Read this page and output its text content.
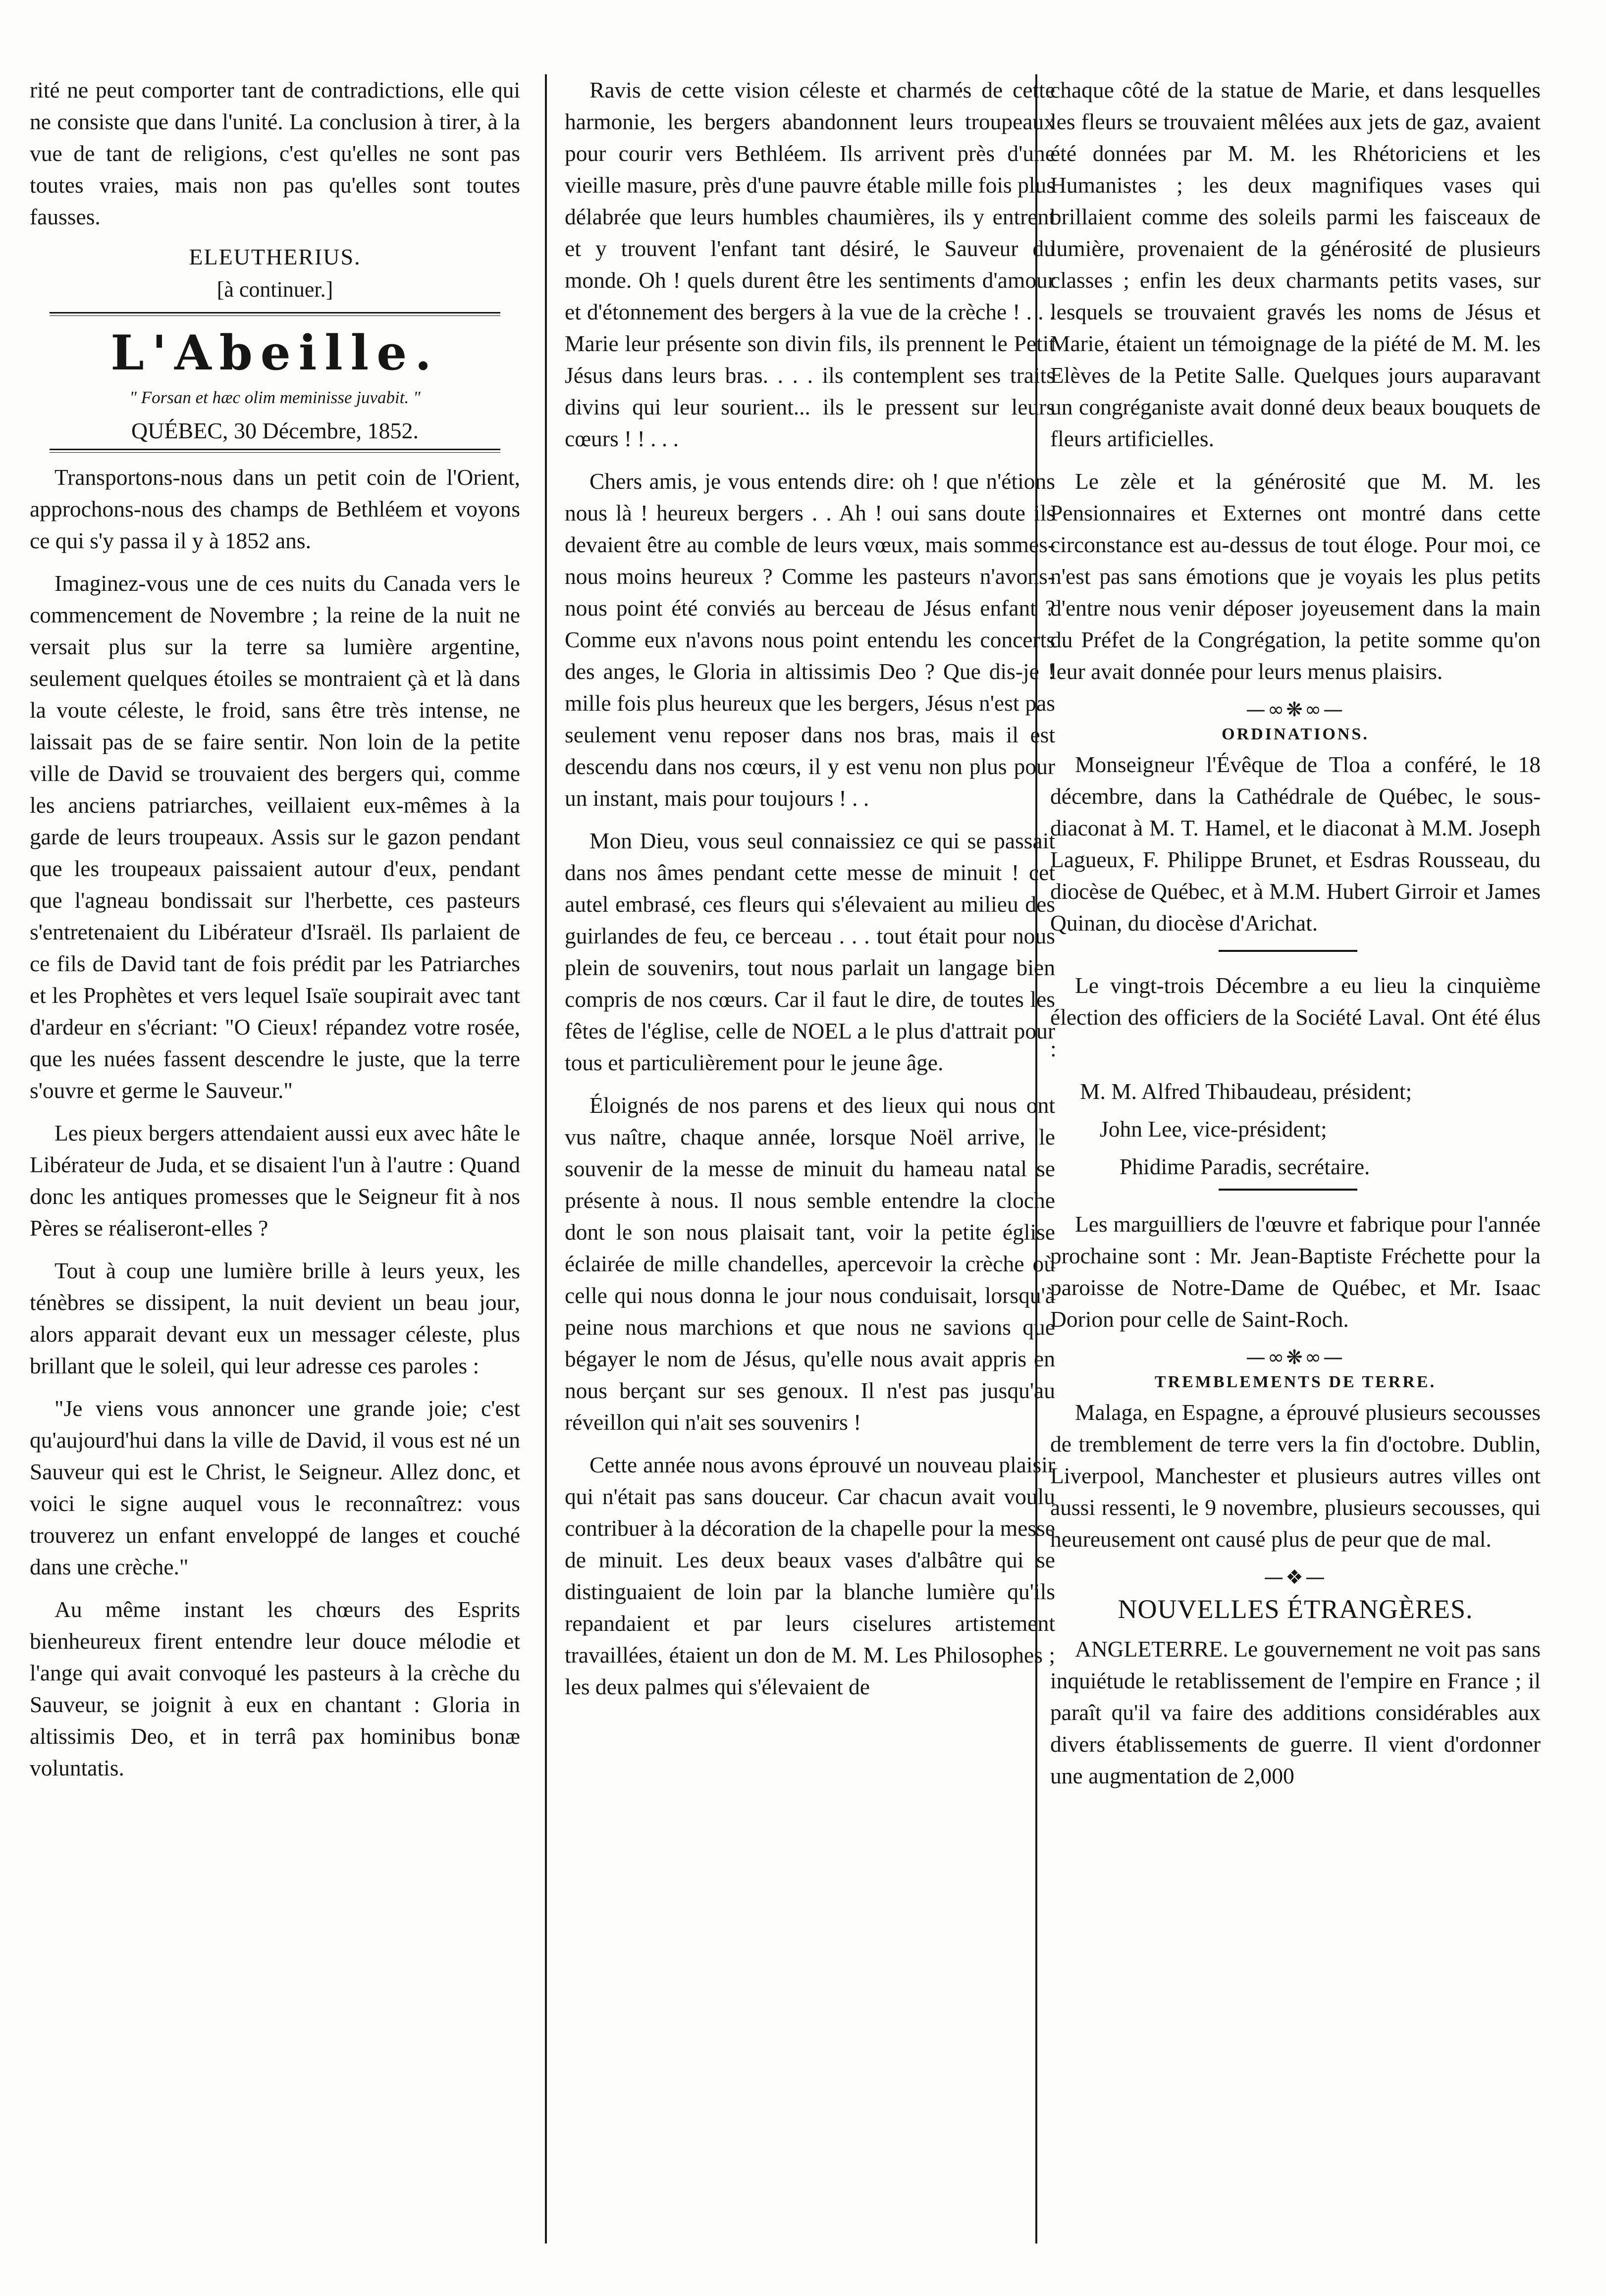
rité ne peut comporter tant de contradictions, elle qui ne consiste que dans l'unité. La conclusion à tirer, à la vue de tant de religions, c'est qu'elles ne sont pas toutes vraies, mais non pas qu'elles sont toutes fausses.

ELEUTHERIUS.
[à continuer.]
L'Abeille.
" Forsan et hæc olim meminisse juvabit. "
QUÉBEC, 30 Décembre, 1852.

Transportons-nous dans un petit coin de l'Orient, approchons-nous des champs de Bethléem et voyons ce qui s'y passa il y à 1852 ans.

Imaginez-vous une de ces nuits du Canada vers le commencement de Novembre ; la reine de la nuit ne versait plus sur la terre sa lumière argentine, seulement quelques étoiles se montraient çà et là dans la voute céleste, le froid, sans être très intense, ne laissait pas de se faire sentir. Non loin de la petite ville de David se trouvaient des bergers qui, comme les anciens patriarches, veillaient eux-mêmes à la garde de leurs troupeaux. Assis sur le gazon pendant que les troupeaux paissaient autour d'eux, pendant que l'agneau bondissait sur l'herbette, ces pasteurs s'entretenaient du Libérateur d'Israël. Ils parlaient de ce fils de David tant de fois prédit par les Patriarches et les Prophètes et vers lequel Isaïe soupirait avec tant d'ardeur en s'écriant: "O Cieux! répandez votre rosée, que les nuées fassent descendre le juste, que la terre s'ouvre et germe le Sauveur."

Les pieux bergers attendaient aussi eux avec hâte le Libérateur de Juda, et se disaient l'un à l'autre : Quand donc les antiques promesses que le Seigneur fit à nos Pères se réaliseront-elles ?

Tout à coup une lumière brille à leurs yeux, les ténèbres se dissipent, la nuit devient un beau jour, alors apparait devant eux un messager céleste, plus brillant que le soleil, qui leur adresse ces paroles :

"Je viens vous annoncer une grande joie; c'est qu'aujourd'hui dans la ville de David, il vous est né un Sauveur qui est le Christ, le Seigneur. Allez donc, et voici le signe auquel vous le reconnaîtrez: vous trouverez un enfant enveloppé de langes et couché dans une crèche."

Au même instant les chœurs des Esprits bienheureux firent entendre leur douce mélodie et l'ange qui avait convoqué les pasteurs à la crèche du Sauveur, se joignit à eux en chantant : Gloria in altissimis Deo, et in terrâ pax hominibus bonæ voluntatis.

Ravis de cette vision céleste et charmés de cette harmonie, les bergers abandonnent leurs troupeaux pour courir vers Bethléem. Ils arrivent près d'une vieille masure, près d'une pauvre étable mille fois plus délabrée que leurs humbles chaumières, ils y entrent et y trouvent l'enfant tant désiré, le Sauveur du monde. Oh ! quels durent être les sentiments d'amour et d'étonnement des bergers à la vue de la crèche ! . . . Marie leur présente son divin fils, ils prennent le Petit Jésus dans leurs bras. . . . ils contemplent ses traits divins qui leur sourient... ils le pressent sur leurs cœurs ! ! . . .

Chers amis, je vous entends dire: oh ! que n'étions nous là ! heureux bergers . . Ah ! oui sans doute ils devaient être au comble de leurs vœux, mais sommes-nous moins heureux ? Comme les pasteurs n'avons-nous point été conviés au berceau de Jésus enfant ? Comme eux n'avons nous point entendu les concerts des anges, le Gloria in altissimis Deo ? Que dis-je ! mille fois plus heureux que les bergers, Jésus n'est pas seulement venu reposer dans nos bras, mais il est descendu dans nos cœurs, il y est venu non plus pour un instant, mais pour toujours ! . .

Mon Dieu, vous seul connaissiez ce qui se passait dans nos âmes pendant cette messe de minuit ! cet autel embrasé, ces fleurs qui s'élevaient au milieu des guirlandes de feu, ce berceau . . . tout était pour nous plein de souvenirs, tout nous parlait un langage bien compris de nos cœurs. Car il faut le dire, de toutes les fêtes de l'église, celle de NOEL a le plus d'attrait pour tous et particulièrement pour le jeune âge.

Éloignés de nos parens et des lieux qui nous ont vus naître, chaque année, lorsque Noël arrive, le souvenir de la messe de minuit du hameau natal se présente à nous. Il nous semble entendre la cloche dont le son nous plaisait tant, voir la petite église éclairée de mille chandelles, apercevoir la crèche où celle qui nous donna le jour nous conduisait, lorsqu'à peine nous marchions et que nous ne savions que bégayer le nom de Jésus, qu'elle nous avait appris en nous berçant sur ses genoux. Il n'est pas jusqu'au réveillon qui n'ait ses souvenirs !

Cette année nous avons éprouvé un nouveau plaisir qui n'était pas sans douceur. Car chacun avait voulu contribuer à la décoration de la chapelle pour la messe de minuit. Les deux beaux vases d'albâtre qui se distinguaient de loin par la blanche lumière qu'ils repandaient et par leurs ciselures artistement travaillées, étaient un don de M. M. Les Philosophes ; les deux palmes qui s'élevaient de

chaque côté de la statue de Marie, et dans lesquelles les fleurs se trouvaient mêlées aux jets de gaz, avaient été données par M. M. les Rhétoriciens et les Humanistes ; les deux magnifiques vases qui brillaient comme des soleils parmi les faisceaux de lumière, provenaient de la générosité de plusieurs classes ; enfin les deux charmants petits vases, sur lesquels se trouvaient gravés les noms de Jésus et Marie, étaient un témoignage de la piété de M. M. les Elèves de la Petite Salle. Quelques jours auparavant un congréganiste avait donné deux beaux bouquets de fleurs artificielles.

Le zèle et la générosité que M. M. les Pensionnaires et Externes ont montré dans cette circonstance est au-dessus de tout éloge. Pour moi, ce n'est pas sans émotions que je voyais les plus petits d'entre nous venir déposer joyeusement dans la main du Préfet de la Congrégation, la petite somme qu'on leur avait donnée pour leurs menus plaisirs.

—∞❋∞—
ORDINATIONS.

Monseigneur l'Évêque de Tloa a conféré, le 18 décembre, dans la Cathédrale de Québec, le sous-diaconat à M. T. Hamel, et le diaconat à M.M. Joseph Lagueux, F. Philippe Brunet, et Esdras Rousseau, du diocèse de Québec, et à M.M. Hubert Girroir et James Quinan, du diocèse d'Arichat.

Le vingt-trois Décembre a eu lieu la cinquième élection des officiers de la Société Laval. Ont été élus :

M. M. Alfred Thibaudeau, président;
John Lee, vice-président;
Phidime Paradis, secrétaire.

Les marguilliers de l'œuvre et fabrique pour l'année prochaine sont : Mr. Jean-Baptiste Fréchette pour la paroisse de Notre-Dame de Québec, et Mr. Isaac Dorion pour celle de Saint-Roch.

—∞❋∞—
TREMBLEMENTS DE TERRE.

Malaga, en Espagne, a éprouvé plusieurs secousses de tremblement de terre vers la fin d'octobre. Dublin, Liverpool, Manchester et plusieurs autres villes ont aussi ressenti, le 9 novembre, plusieurs secousses, qui heureusement ont causé plus de peur que de mal.

—❖—
NOUVELLES ÉTRANGÈRES.

ANGLETERRE. Le gouvernement ne voit pas sans inquiétude le retablissement de l'empire en France ; il paraît qu'il va faire des additions considérables aux divers établissements de guerre. Il vient d'ordonner une augmentation de 2,000
